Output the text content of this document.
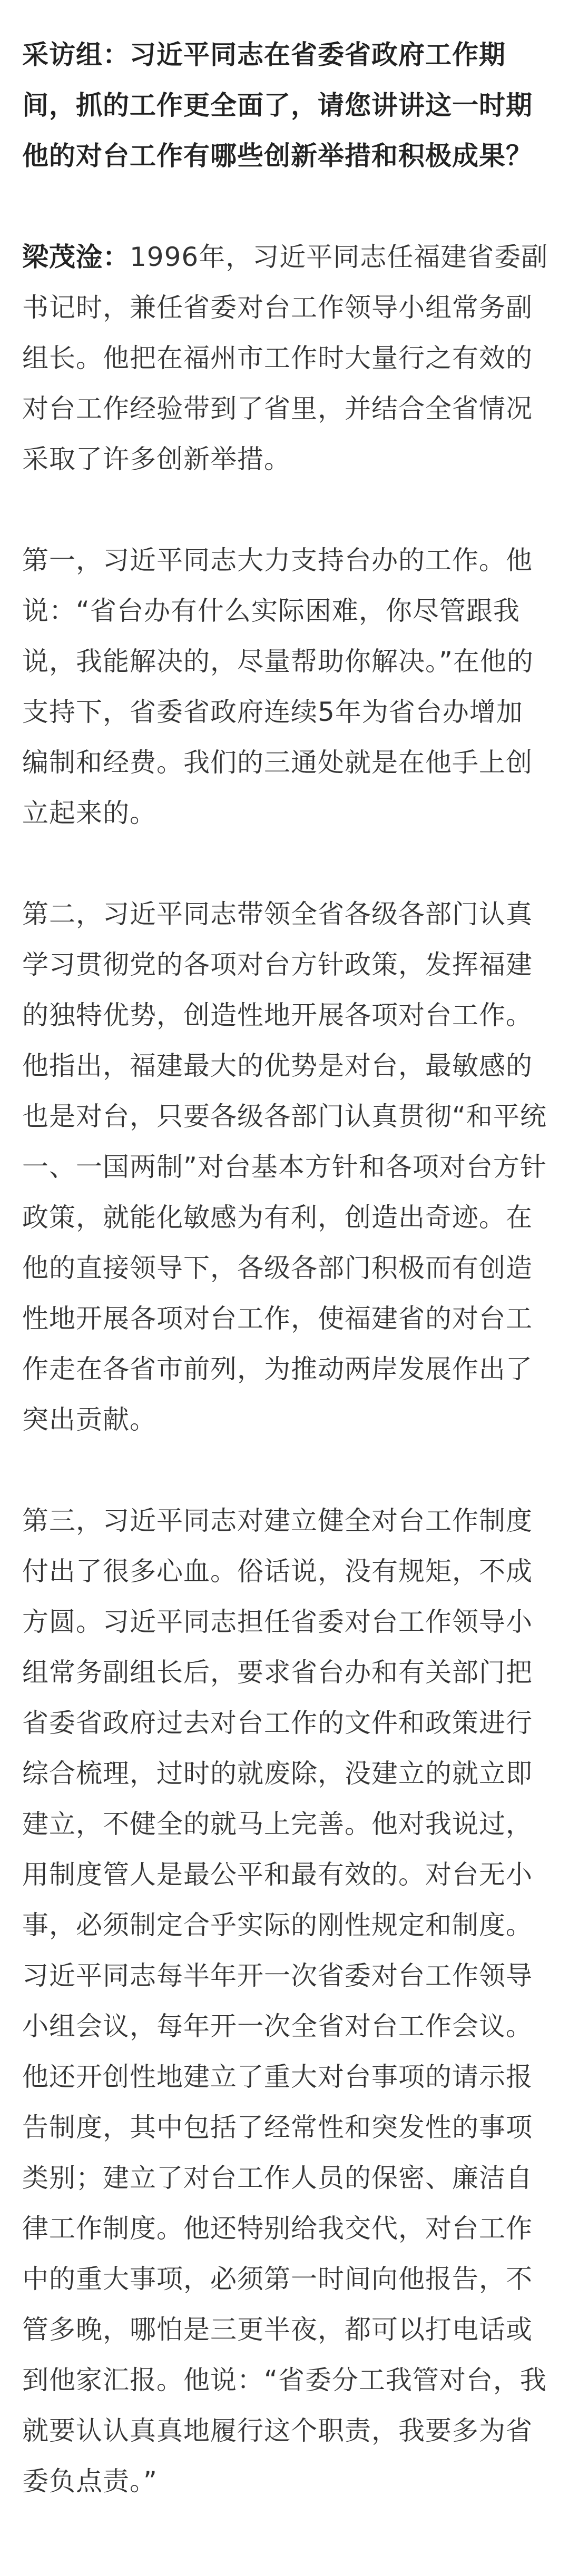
采访组：习近平同志在省委省政府工作期间，抓的工作更全面了，请您讲讲这一时期他的对台工作有哪些创新举措和积极成果？

梁茂淦：1996年，习近平同志任福建省委副书记时，兼任省委对台工作领导小组常务副组长。他把在福州市工作时大量行之有效的对台工作经验带到了省里，并结合全省情况采取了许多创新举措。

第一，习近平同志大力支持台办的工作。他说：“省台办有什么实际困难，你尽管跟我说，我能解决的，尽量帮助你解决。”在他的支持下，省委省政府连续5年为省台办增加编制和经费。我们的三通处就是在他手上创立起来的。

第二，习近平同志带领全省各级各部门认真学习贯彻党的各项对台方针政策，发挥福建的独特优势，创造性地开展各项对台工作。他指出，福建最大的优势是对台，最敏感的也是对台，只要各级各部门认真贯彻“和平统一、一国两制”对台基本方针和各项对台方针政策，就能化敏感为有利，创造出奇迹。在他的直接领导下，各级各部门积极而有创造性地开展各项对台工作，使福建省的对台工作走在各省市前列，为推动两岸发展作出了突出贡献。

第三，习近平同志对建立健全对台工作制度付出了很多心血。俗话说，没有规矩，不成方圆。习近平同志担任省委对台工作领导小组常务副组长后，要求省台办和有关部门把省委省政府过去对台工作的文件和政策进行综合梳理，过时的就废除，没建立的就立即建立，不健全的就马上完善。他对我说过，用制度管人是最公平和最有效的。对台无小事，必须制定合乎实际的刚性规定和制度。习近平同志每半年开一次省委对台工作领导小组会议，每年开一次全省对台工作会议。他还开创性地建立了重大对台事项的请示报告制度，其中包括了经常性和突发性的事项类别；建立了对台工作人员的保密、廉洁自律工作制度。他还特别给我交代，对台工作中的重大事项，必须第一时间向他报告，不管多晚，哪怕是三更半夜，都可以打电话或到他家汇报。他说：“省委分工我管对台，我就要认认真真地履行这个职责，我要多为省委负点责。”
